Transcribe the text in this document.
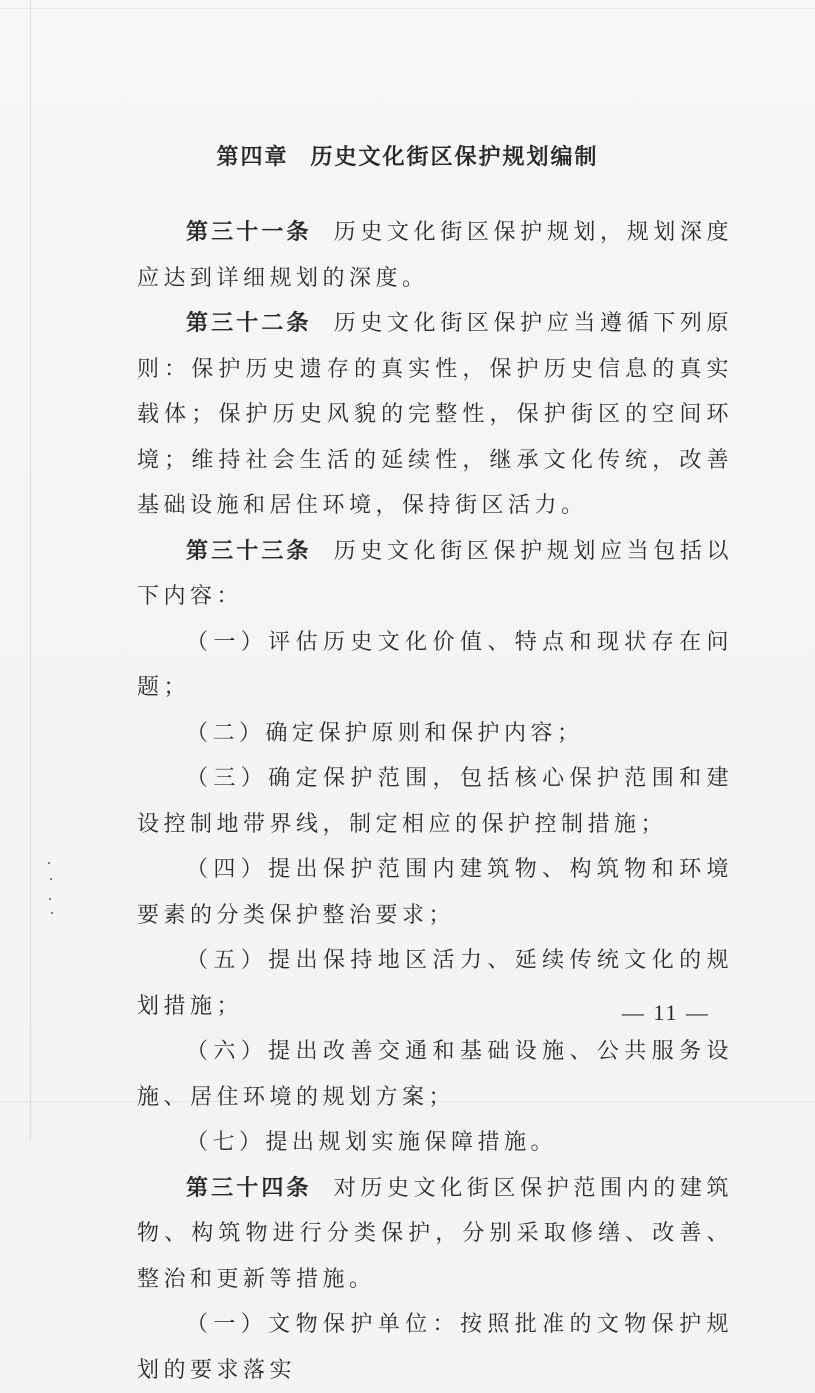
第四章 历史文化街区保护规划编制

第三十一条 历史文化街区保护规划，规划深度应达到详细规划的深度。

第三十二条 历史文化街区保护应当遵循下列原则：保护历史遗存的真实性，保护历史信息的真实载体；保护历史风貌的完整性，保护街区的空间环境；维持社会生活的延续性，继承文化传统，改善基础设施和居住环境，保持街区活力。

第三十三条 历史文化街区保护规划应当包括以下内容：

（一）评估历史文化价值、特点和现状存在问题；

（二）确定保护原则和保护内容；

（三）确定保护范围，包括核心保护范围和建设控制地带界线，制定相应的保护控制措施；

（四）提出保护范围内建筑物、构筑物和环境要素的分类保护整治要求；

（五）提出保持地区活力、延续传统文化的规划措施；

（六）提出改善交通和基础设施、公共服务设施、居住环境的规划方案；

（七）提出规划实施保障措施。

第三十四条 对历史文化街区保护范围内的建筑物、构筑物进行分类保护，分别采取修缮、改善、整治和更新等措施。

（一）文物保护单位：按照批准的文物保护规划的要求落实

— 11 —
